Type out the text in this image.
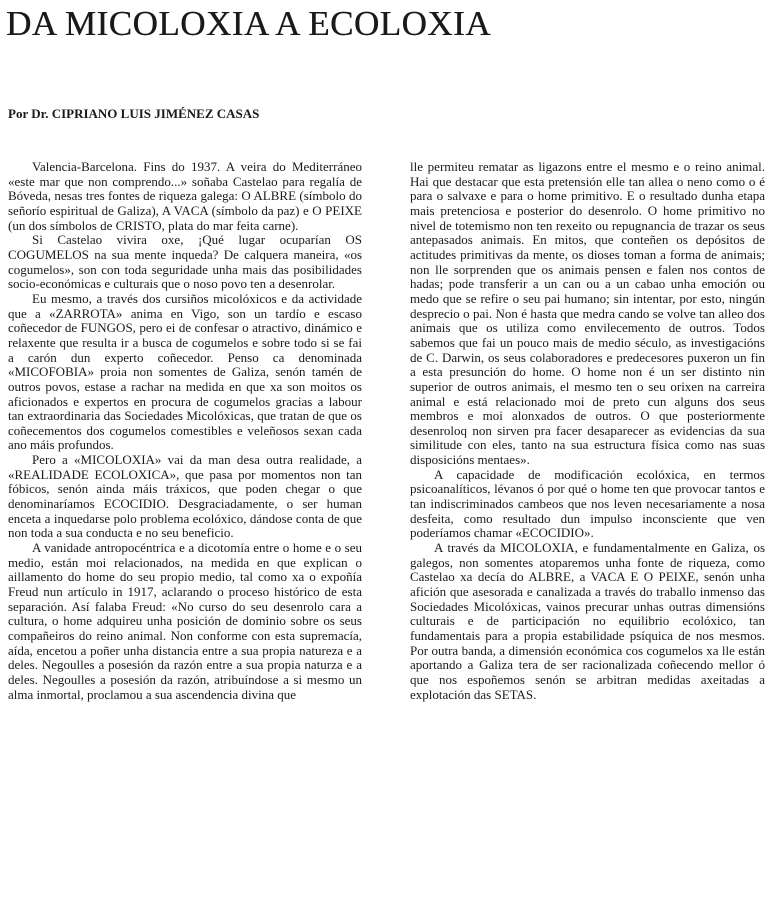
DA MICOLOXIA A ECOLOXIA
Por Dr. CIPRIANO LUIS JIMÉNEZ CASAS

Valencia-Barcelona. Fins do 1937. A veira do Mediterráneo «este mar que non comprendo...» soñaba Castelao para regalía de Bóveda, nesas tres fontes de riqueza galega: O ALBRE (símbolo do señorío espiritual de Galiza), A VACA (símbolo da paz) e O PEIXE (un dos símbolos de CRISTO, plata do mar feita carne).

Si Castelao vivira oxe, ¡Qué lugar ocuparían OS COGUMELOS na sua mente inqueda? De calquera maneira, «os cogumelos», son con toda seguridade unha mais das posibilidades socio-económicas e culturais que o noso povo ten a desenrolar.

Eu mesmo, a través dos cursiños micolóxicos e da actividade que a «ZARROTA» anima en Vigo, son un tardío e escaso coñecedor de FUNGOS, pero ei de confesar o atractivo, dinámico e relaxente que resulta ir a busca de cogumelos e sobre todo si se fai a carón dun experto coñecedor. Penso ca denominada «MICOFOBIA» proia non somentes de Galiza, senón tamén de outros povos, estase a rachar na medida en que xa son moitos os aficionados e expertos en procura de cogumelos gracias a labour tan extraordinaria das Sociedades Micolóxicas, que tratan de que os coñecementos dos cogumelos comestibles e veleñosos sexan cada ano máis profundos.

Pero a «MICOLOXIA» vai da man desa outra realidade, a «REALIDADE ECOLOXICA», que pasa por momentos non tan fóbicos, senón ainda máis tráxicos, que poden chegar o que denominaríamos ECOCIDIO. Desgraciadamente, o ser human enceta a inquedarse polo problema ecolóxico, dándose conta de que non toda a sua conducta e no seu beneficio.

A vanidade antropocéntrica e a dicotomía entre o home e o seu medio, están moi relacionados, na medida en que explican o aillamento do home do seu propio medio, tal como xa o expoñía Freud nun artículo in 1917, aclarando o proceso histórico de esta separación. Así falaba Freud: «No curso do seu desenrolo cara a cultura, o home adquireu unha posición de dominio sobre os seus compañeiros do reino animal. Non conforme con esta supremacía, aída, encetou a poñer unha distancia entre a sua propia natureza e a deles. Negoulles a posesión da razón entre a sua propia naturza e a deles. Negoulles a posesión da razón, atribuíndose a si mesmo un alma inmortal, proclamou a sua ascendencia divina que

lle permiteu rematar as ligazons entre el mesmo e o reino animal. Hai que destacar que esta pretensión elle tan allea o neno como o é para o salvaxe e para o home primitivo. E o resultado dunha etapa mais pretenciosa e posterior do desenrolo. O home primitivo no nivel de totemismo non ten rexeito ou repugnancia de trazar os seus antepasados animais. En mitos, que conteñen os depósitos de actitudes primitivas da mente, os dioses toman a forma de animais; non lle sorprenden que os animais pensen e falen nos contos de hadas; pode transferir a un can ou a un cabao unha emoción ou medo que se refire o seu pai humano; sin intentar, por esto, ningún desprecio o pai. Non é hasta que medra cando se volve tan alleo dos animais que os utiliza como envilecemento de outros. Todos sabemos que fai un pouco mais de medio século, as investigacións de C. Darwin, os seus colaboradores e predecesores puxeron un fin a esta presunción do home. O home non é un ser distinto nin superior de outros animais, el mesmo ten o seu orixen na carreira animal e está relacionado moi de preto cun alguns dos seus membros e moi alonxados de outros. O que posteriormente desenroloq non sirven pra facer desaparecer as evidencias da sua similitude con eles, tanto na sua estructura física como nas suas disposicións mentaes».

A capacidade de modificación ecolóxica, en termos psicoanalíticos, lévanos ó por qué o home ten que provocar tantos e tan indiscriminados cambeos que nos leven necesariamente a nosa desfeita, como resultado dun impulso inconsciente que ven poderíamos chamar «ECOCIDIO».

A través da MICOLOXIA, e fundamentalmente en Galiza, os galegos, non somentes atoparemos unha fonte de riqueza, como Castelao xa decía do ALBRE, a VACA E O PEIXE, senón unha afición que asesorada e canalizada a través do traballo inmenso das Sociedades Micolóxicas, vainos precurar unhas outras dimensións culturais e de participación no equilibrio ecolóxico, tan fundamentais para a propia estabilidade psíquica de nos mesmos. Por outra banda, a dimensión económica cos cogumelos xa lle están aportando a Galiza tera de ser racionalizada coñecendo mellor ó que nos espoñemos senón se arbitran medidas axeitadas a explotación das SETAS.
